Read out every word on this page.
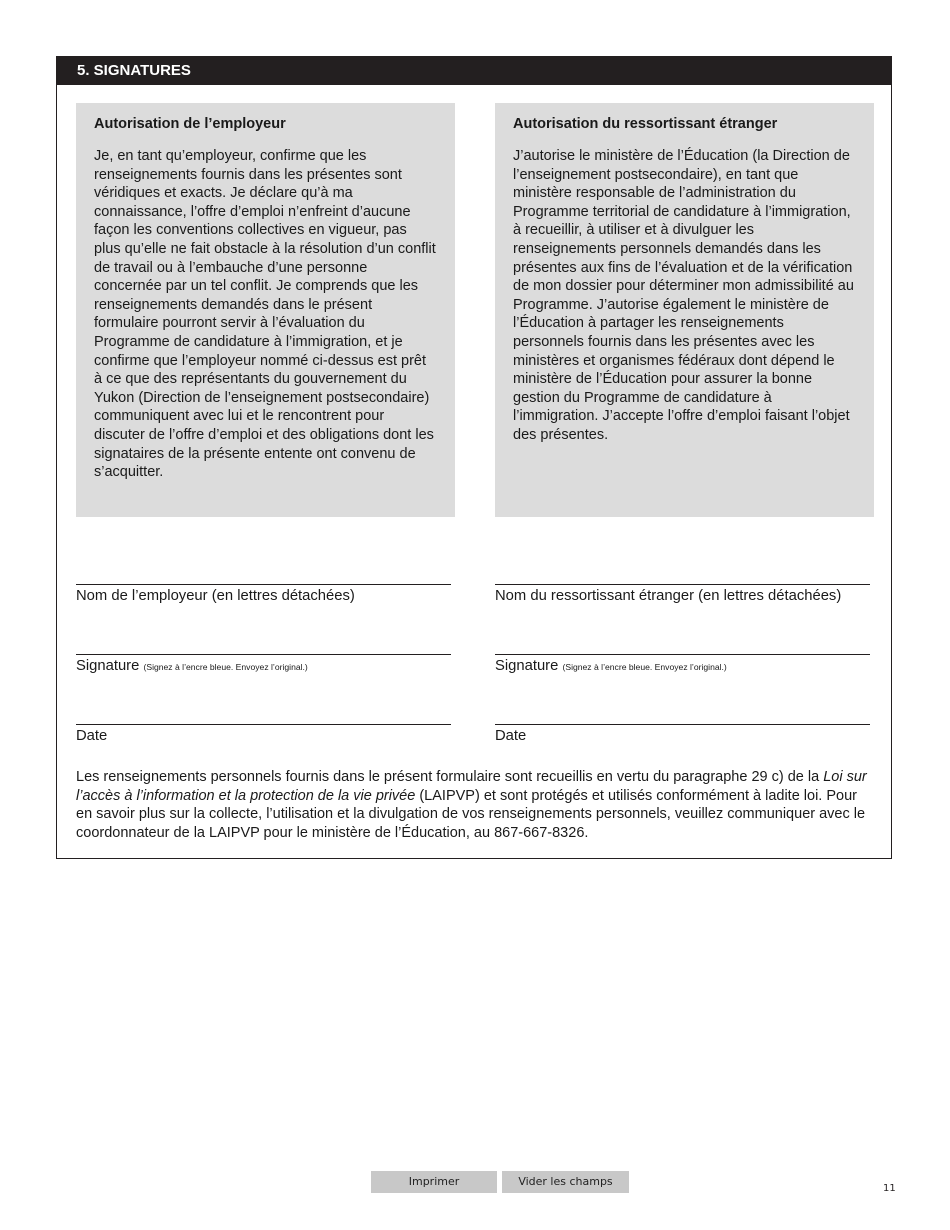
5. SIGNATURES

Autorisation de l’employeur

Je, en tant qu’employeur, confirme que les renseignements fournis dans les présentes sont véridiques et exacts. Je déclare qu’à ma connaissance, l’offre d’emploi n’enfreint d’aucune façon les conventions collectives en vigueur, pas plus qu’elle ne fait obstacle à la résolution d’un conflit de travail ou à l’embauche d’une personne concernée par un tel conflit. Je comprends que les renseignements demandés dans le présent formulaire pourront servir à l’évaluation du Programme de candidature à l’immigration, et je confirme que l’employeur nommé ci-dessus est prêt à ce que des représentants du gouvernement du Yukon (Direction de l’enseignement postsecondaire) communiquent avec lui et le rencontrent pour discuter de l’offre d’emploi et des obligations dont les signataires de la présente entente ont convenu de s’acquitter.

Autorisation du ressortissant étranger

J’autorise le ministère de l’Éducation (la Direction de l’enseignement postsecondaire), en tant que ministère responsable de l’administration du Programme territorial de candidature à l’immigration, à recueillir, à utiliser et à divulguer les renseignements personnels demandés dans les présentes aux fins de l’évaluation et de la vérification de mon dossier pour déterminer mon admissibilité au Programme. J’autorise également le ministère de l’Éducation à partager les renseignements personnels fournis dans les présentes avec les ministères et organismes fédéraux dont dépend le ministère de l’Éducation pour assurer la bonne gestion du Programme de candidature à l’immigration. J’accepte l’offre d’emploi faisant l’objet des présentes.

Nom de l’employeur (en lettres détachées)	Nom du ressortissant étranger (en lettres détachées)
Signature (Signez à l’encre bleue. Envoyez l’original.)	Signature (Signez à l’encre bleue. Envoyez l’original.)
Date	Date

Les renseignements personnels fournis dans le présent formulaire sont recueillis en vertu du paragraphe 29 c) de la Loi sur l’accès à l’information et la protection de la vie privée (LAIPVP) et sont protégés et utilisés conformément à ladite loi. Pour en savoir plus sur la collecte, l’utilisation et la divulgation de vos renseignements personnels, veuillez communiquer avec le coordonnateur de la LAIPVP pour le ministère de l’Éducation, au 867-667-8326.

Imprimer	Vider les champs
11
